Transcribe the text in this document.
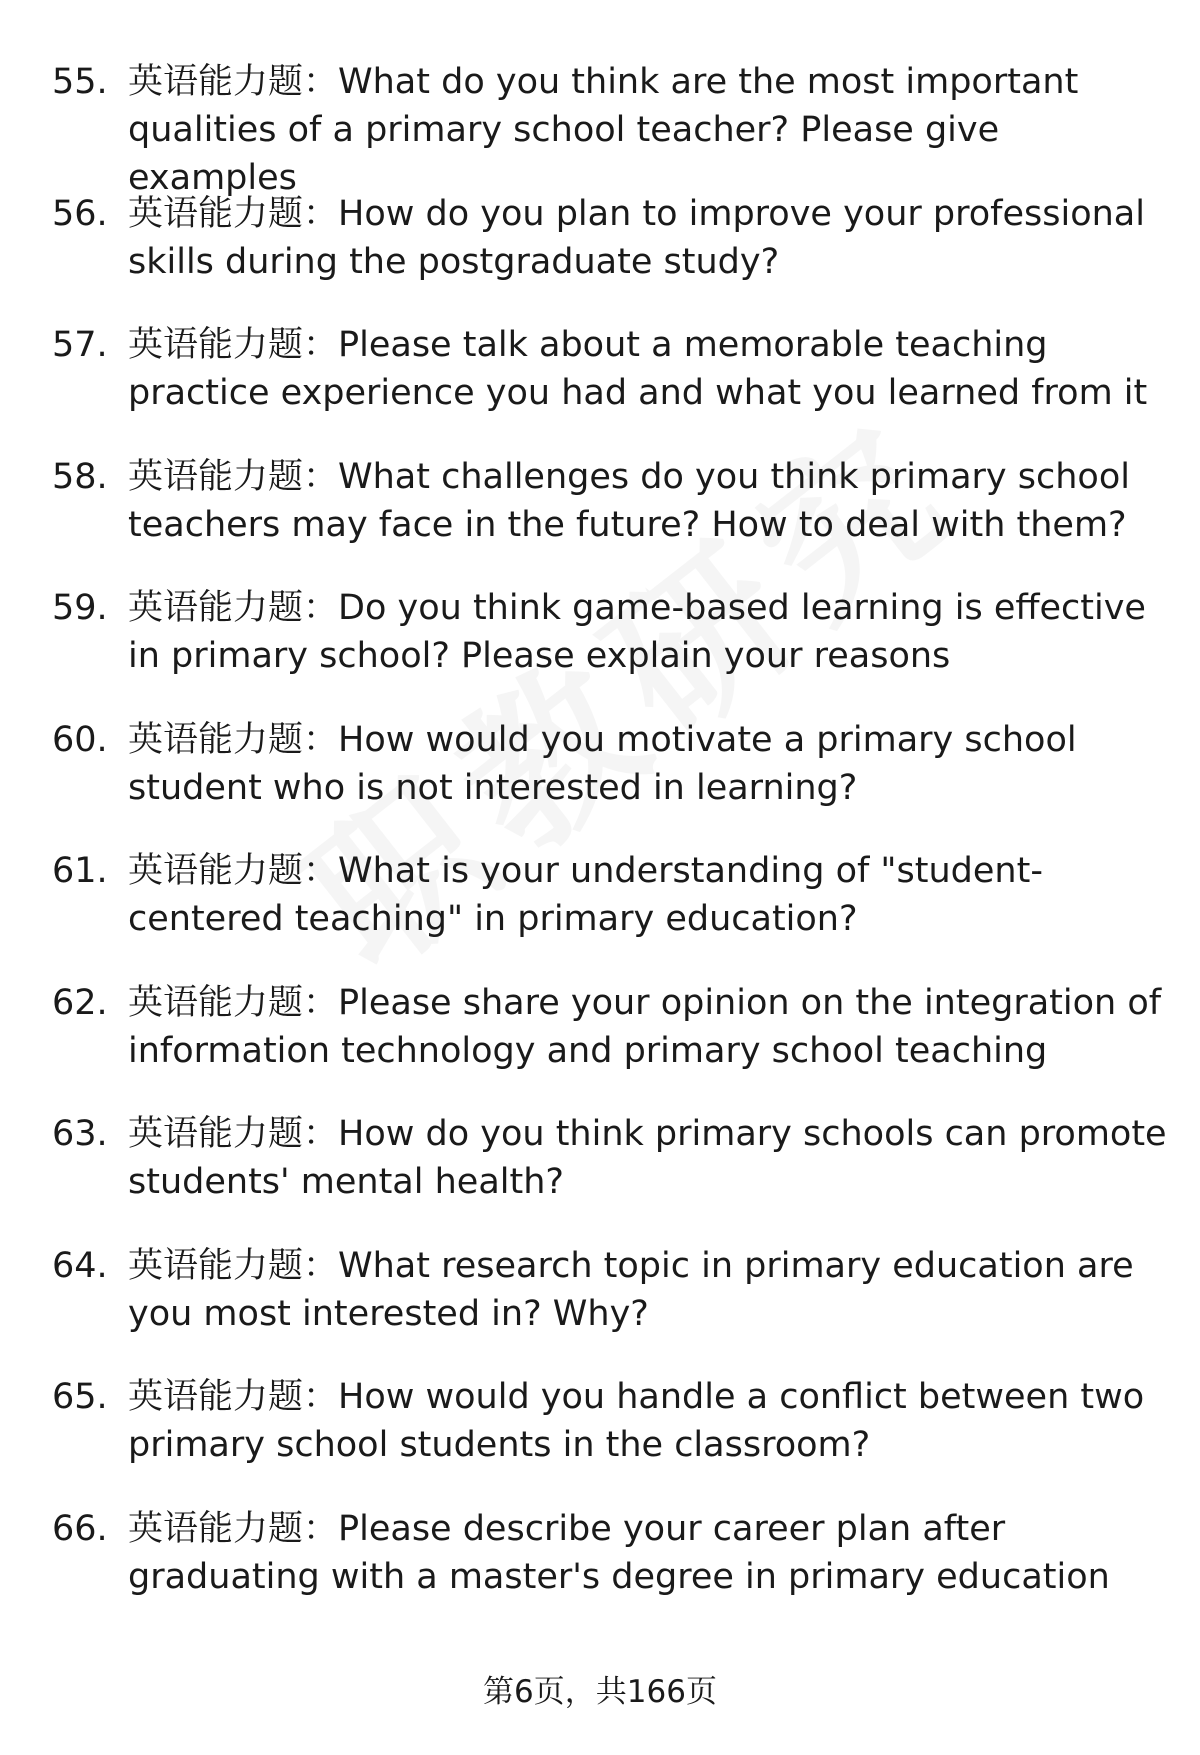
55. 英语能力题：What do you think are the most important qualities of a primary school teacher? Please give examples
56. 英语能力题：How do you plan to improve your professional skills during the postgraduate study?
57. 英语能力题：Please talk about a memorable teaching practice experience you had and what you learned from it
58. 英语能力题：What challenges do you think primary school teachers may face in the future? How to deal with them?
59. 英语能力题：Do you think game-based learning is effective in primary school? Please explain your reasons
60. 英语能力题：How would you motivate a primary school student who is not interested in learning?
61. 英语能力题：What is your understanding of "student-centered teaching" in primary education?
62. 英语能力题：Please share your opinion on the integration of information technology and primary school teaching
63. 英语能力题：How do you think primary schools can promote students' mental health?
64. 英语能力题：What research topic in primary education are you most interested in? Why?
65. 英语能力题：How would you handle a conflict between two primary school students in the classroom?
66. 英语能力题：Please describe your career plan after graduating with a master's degree in primary education
第6页，共166页
